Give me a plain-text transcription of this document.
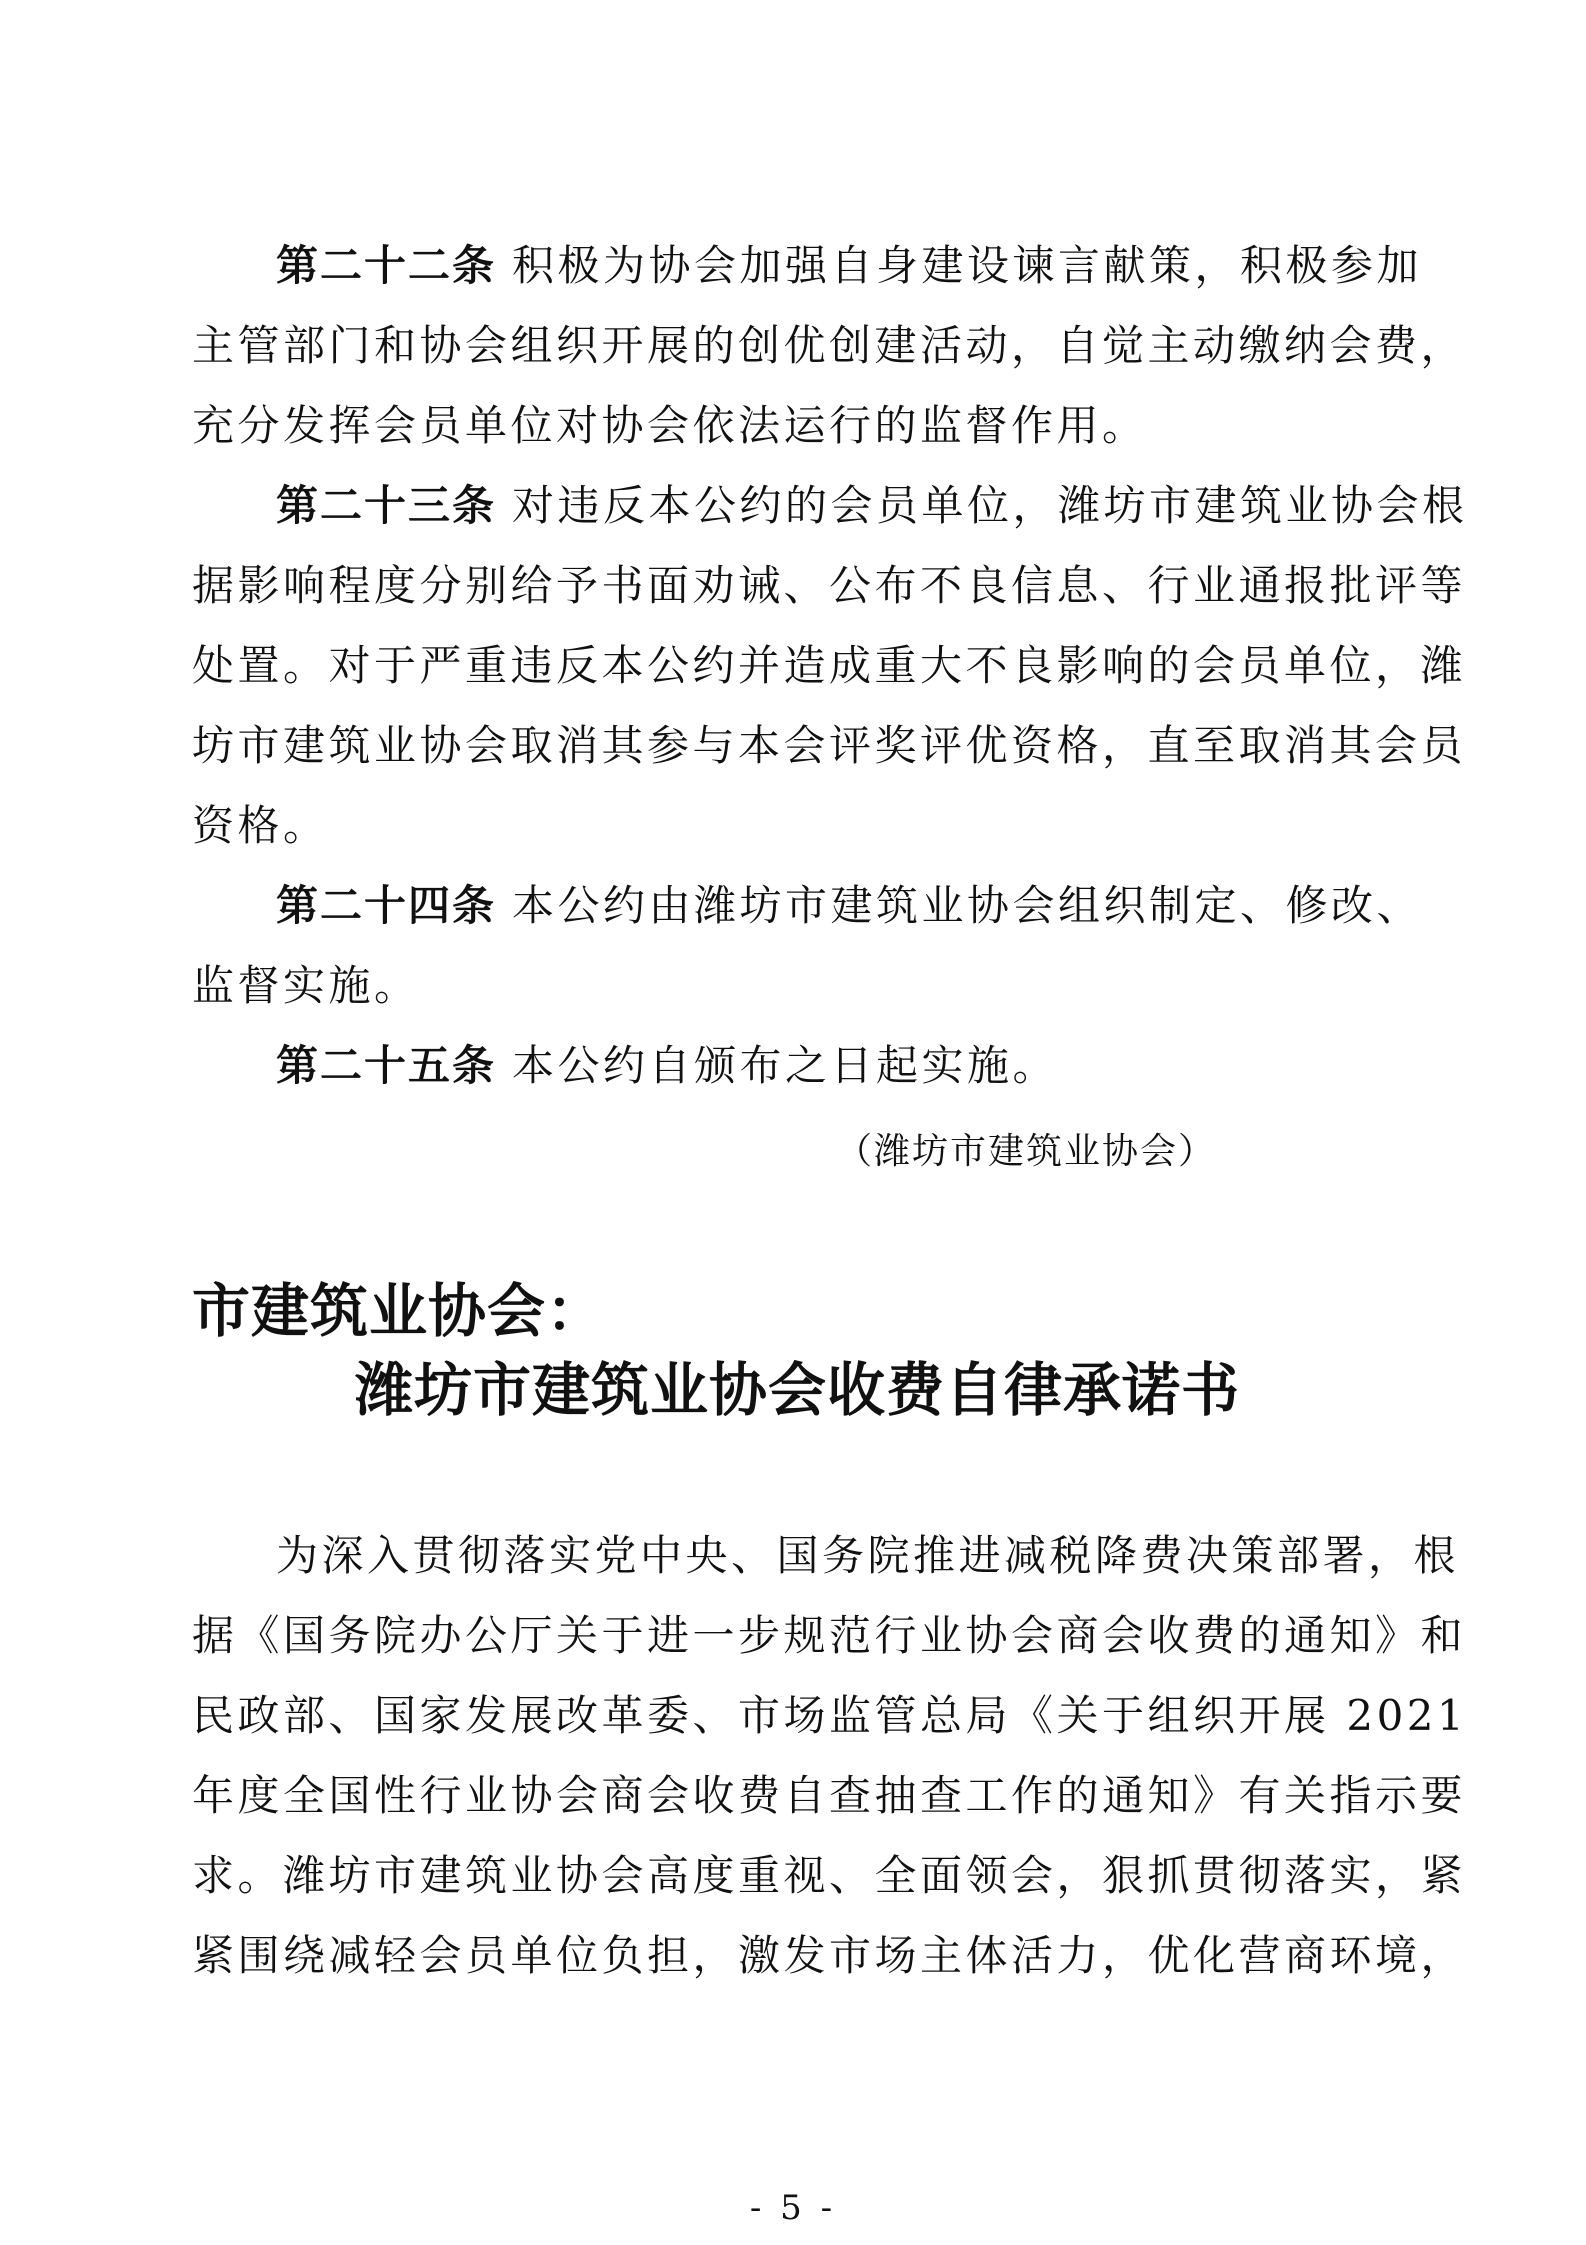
第二十二条 积极为协会加强自身建设谏言献策，积极参加
主管部门和协会组织开展的创优创建活动，自觉主动缴纳会费，
充分发挥会员单位对协会依法运行的监督作用。
第二十三条 对违反本公约的会员单位，潍坊市建筑业协会根
据影响程度分别给予书面劝诫、公布不良信息、行业通报批评等
处置。对于严重违反本公约并造成重大不良影响的会员单位，潍
坊市建筑业协会取消其参与本会评奖评优资格，直至取消其会员
资格。
第二十四条 本公约由潍坊市建筑业协会组织制定、修改、
监督实施。
第二十五条 本公约自颁布之日起实施。
（潍坊市建筑业协会）
市建筑业协会：
潍坊市建筑业协会收费自律承诺书
为深入贯彻落实党中央、国务院推进减税降费决策部署，根
据《国务院办公厅关于进一步规范行业协会商会收费的通知》和
民政部、国家发展改革委、市场监管总局《关于组织开展 2021
年度全国性行业协会商会收费自查抽查工作的通知》有关指示要
求。潍坊市建筑业协会高度重视、全面领会，狠抓贯彻落实，紧
紧围绕减轻会员单位负担，激发市场主体活力，优化营商环境，
- 5 -
